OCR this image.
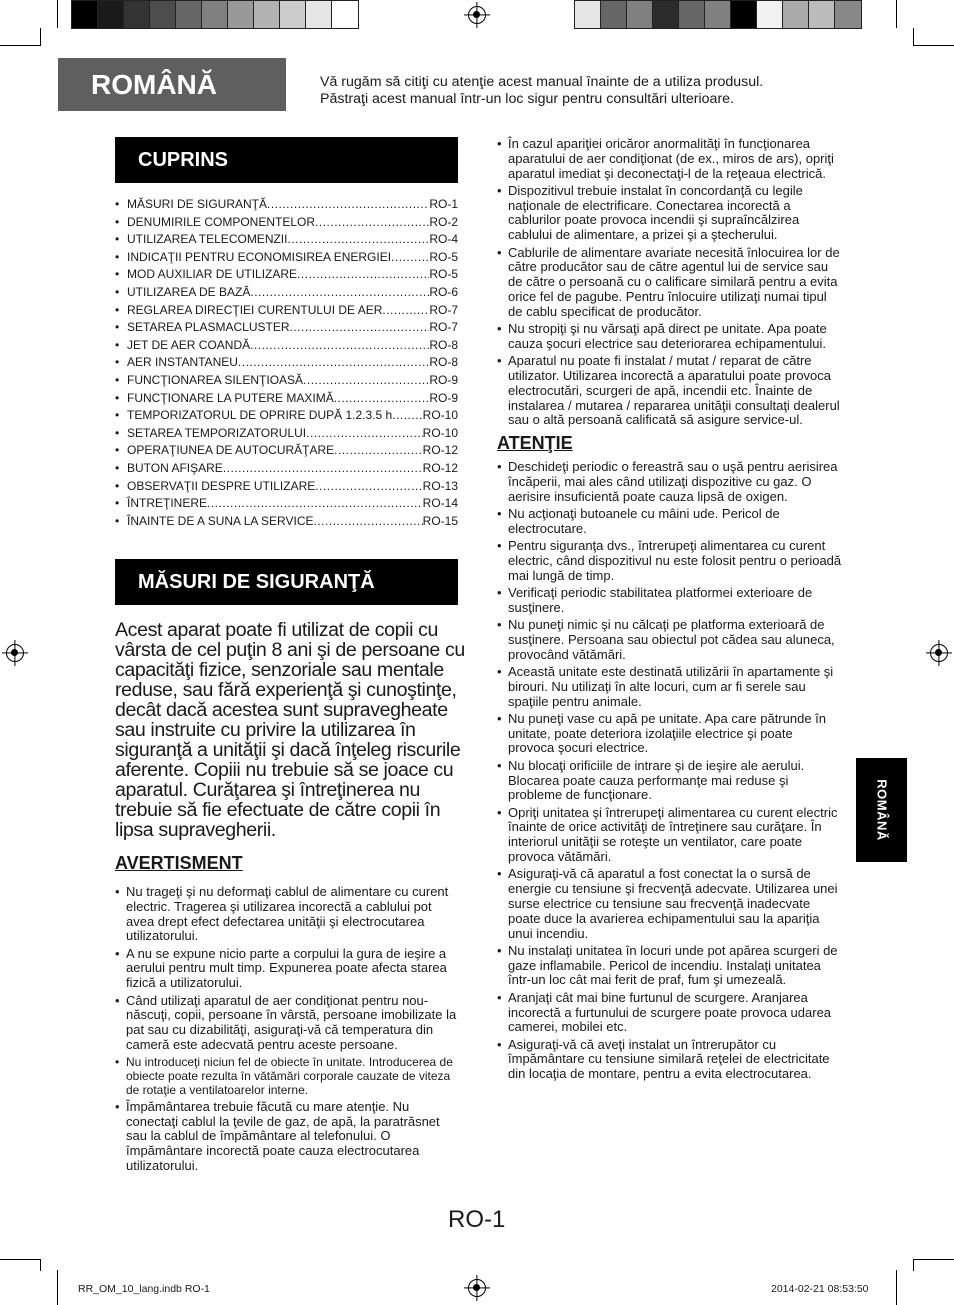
ROMÂNĂ	Vă rugăm să citiţi cu atenţie acest manual înainte de a utiliza produsul.
Păstraţi acest manual într-un loc sigur pentru consultări ulterioare.
CUPRINS
• MĂSURI DE SIGURANŢĂ .....	RO-1
• DENUMIRILE COMPONENTELOR .....	RO-2
• UTILIZAREA TELECOMENZII .....	RO-4
• INDICAŢII PENTRU ECONOMISIREA ENERGIEI .....	RO-5
• MOD AUXILIAR DE UTILIZARE .....	RO-5
• UTILIZAREA DE BAZĂ .....	RO-6
• REGLAREA DIRECŢIEI CURENTULUI DE AER .....	RO-7
• SETAREA PLASMACLUSTER .....	RO-7
• JET DE AER COANDĂ .....	RO-8
• AER INSTANTANEU .....	RO-8
• FUNCŢIONAREA SILENŢIOASĂ .....	RO-9
• FUNCŢIONARE LA PUTERE MAXIMĂ .....	RO-9
• TEMPORIZATORUL DE OPRIRE DUPĂ 1.2.3.5 h .....	RO-10
• SETAREA TEMPORIZATORULUI .....	RO-10
• OPERAŢIUNEA DE AUTOCURĂŢARE .....	RO-12
• BUTON AFIŞARE .....	RO-12
• OBSERVAŢII DESPRE UTILIZARE .....	RO-13
• ÎNTREŢINERE .....	RO-14
• ÎNAINTE DE A SUNA LA SERVICE .....	RO-15
MĂSURI DE SIGURANŢĂ
Acest aparat poate fi utilizat de copii cu vârsta de cel puţin 8 ani şi de persoane cu capacităţi fizice, senzoriale sau mentale reduse, sau fără experienţă şi cunoştinţe, decât dacă acestea sunt supravegheate sau instruite cu privire la utilizarea în siguranţă a unităţii şi dacă înţeleg riscurile aferente. Copiii nu trebuie să se joace cu aparatul. Curăţarea şi întreţinerea nu trebuie să fie efectuate de către copii în lipsa supravegherii.
AVERTISMENT
• Nu trageţi şi nu deformaţi cablul de alimentare cu curent electric. Tragerea şi utilizarea incorectă a cablului pot avea drept efect defectarea unităţii şi electrocutarea utilizatorului.
• A nu se expune nicio parte a corpului la gura de ieşire a aerului pentru mult timp. Expunerea poate afecta starea fizică a utilizatorului.
• Când utilizaţi aparatul de aer condiţionat pentru nou-născuţi, copii, persoane în vârstă, persoane imobilizate la pat sau cu dizabilităţi, asiguraţi-vă că temperatura din cameră este adecvată pentru aceste persoane.
• Nu introduceţi niciun fel de obiecte în unitate. Introducerea de obiecte poate rezulta în vătămări corporale cauzate de viteza de rotaţie a ventilatoarelor interne.
• Împământarea trebuie făcută cu mare atenţie. Nu conectaţi cablul la ţevile de gaz, de apă, la paratrăsnet sau la cablul de împământare al telefonului. O împământare incorectă poate cauza electrocutarea utilizatorului.
• În cazul apariţiei oricăror anormalităţi în funcţionarea aparatului de aer condiţionat (de ex., miros de ars), opriţi aparatul imediat şi deconectaţi-l de la reţeaua electrică.
• Dispozitivul trebuie instalat în concordanţă cu legile naţionale de electrificare. Conectarea incorectă a cablurilor poate provoca incendii şi supraîncălzirea cablului de alimentare, a prizei şi a ştecherului.
• Cablurile de alimentare avariate necesită înlocuirea lor de către producător sau de către agentul lui de service sau de către o persoană cu o calificare similară pentru a evita orice fel de pagube. Pentru înlocuire utilizaţi numai tipul de cablu specificat de producător.
• Nu stropiţi şi nu vărsaţi apă direct pe unitate. Apa poate cauza şocuri electrice sau deteriorarea echipamentului.
• Aparatul nu poate fi instalat / mutat / reparat de către utilizator. Utilizarea incorectă a aparatului poate provoca electrocutări, scurgeri de apă, incendii etc. Înainte de instalarea / mutarea / repararea unităţii consultaţi dealerul sau o altă persoană calificată să asigure service-ul.
ATENŢIE
• Deschideţi periodic o fereastră sau o uşă pentru aerisirea încăperii, mai ales când utilizaţi dispozitive cu gaz. O aerisire insuficientă poate cauza lipsă de oxigen.
• Nu acţionaţi butoanele cu mâini ude. Pericol de electrocutare.
• Pentru siguranţa dvs., întrerupeţi alimentarea cu curent electric, când dispozitivul nu este folosit pentru o perioadă mai lungă de timp.
• Verificaţi periodic stabilitatea platformei exterioare de susţinere.
• Nu puneţi nimic şi nu călcaţi pe platforma exterioară de susţinere. Persoana sau obiectul pot cădea sau aluneca, provocând vătămări.
• Această unitate este destinată utilizării în apartamente şi birouri. Nu utilizaţi în alte locuri, cum ar fi serele sau spaţiile pentru animale.
• Nu puneţi vase cu apă pe unitate. Apa care pătrunde în unitate, poate deteriora izolaţiile electrice şi poate provoca şocuri electrice.
• Nu blocaţi orificiile de intrare şi de ieşire ale aerului. Blocarea poate cauza performanţe mai reduse şi probleme de funcţionare.
• Opriţi unitatea şi întrerupeţi alimentarea cu curent electric înainte de orice activităţi de întreţinere sau curăţare. În interiorul unităţii se roteşte un ventilator, care poate provoca vătămări.
• Asiguraţi-vă că aparatul a fost conectat la o sursă de energie cu tensiune şi frecvenţă adecvate. Utilizarea unei surse electrice cu tensiune sau frecvenţă inadecvate poate duce la avarierea echipamentului sau la apariţia unui incendiu.
• Nu instalaţi unitatea în locuri unde pot apărea scurgeri de gaze inflamabile. Pericol de incendiu. Instalaţi unitatea într-un loc cât mai ferit de praf, fum şi umezeală.
• Aranjaţi cât mai bine furtunul de scurgere. Aranjarea incorectă a furtunului de scurgere poate provoca udarea camerei, mobilei etc.
• Asiguraţi-vă că aveţi instalat un întrerupător cu împământare cu tensiune similară reţelei de electricitate din locaţia de montare, pentru a evita electrocutarea.
ROMÂNĂ
RO-1
RR_OM_10_lang.indb RO-1	2014-02-21 08:53:50
